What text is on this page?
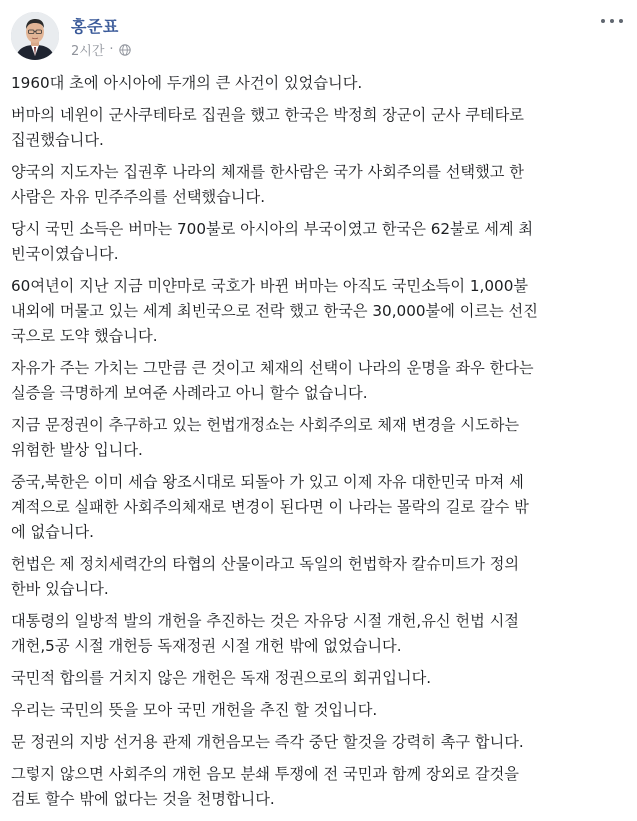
홍준표
2시간 ·

1960대 초에 아시아에 두개의 큰 사건이 있었습니다.

버마의 네윈이 군사쿠테타로 집권을 했고 한국은 박정희 장군이 군사 쿠테타로
집권했습니다.

양국의 지도자는 집권후 나라의 체재를 한사람은 국가 사회주의를 선택했고 한
사람은 자유 민주주의를 선택했습니다.

당시 국민 소득은 버마는 700불로 아시아의 부국이였고 한국은 62불로 세계 최
빈국이였습니다.

60여년이 지난 지금 미얀마로 국호가 바뀐 버마는 아직도 국민소득이 1,000불
내외에 머물고 있는 세계 최빈국으로 전락 했고 한국은 30,000불에 이르는 선진
국으로 도약 했습니다.

자유가 주는 가치는 그만큼 큰 것이고 체재의 선택이 나라의 운명을 좌우 한다는
실증을 극명하게 보여준 사례라고 아니 할수 없습니다.

지금 문정권이 추구하고 있는 헌법개정쇼는 사회주의로 체재 변경을 시도하는
위험한 발상 입니다.

중국,북한은 이미 세습 왕조시대로 되돌아 가 있고 이제 자유 대한민국 마져 세
계적으로 실패한 사회주의체재로 변경이 된다면 이 나라는 몰락의 길로 갈수 밖
에 없습니다.

헌법은 제 정치세력간의 타협의 산물이라고 독일의 헌법학자 칼슈미트가 정의
한바 있습니다.

대통령의 일방적 발의 개헌을 추진하는 것은 자유당 시절 개헌,유신 헌법 시절
개헌,5공 시절 개헌등 독재정권 시절 개헌 밖에 없었습니다.

국민적 합의를 거치지 않은 개헌은 독재 정권으로의 회귀입니다.

우리는 국민의 뜻을 모아 국민 개헌을 추진 할 것입니다.

문 정권의 지방 선거용 관제 개헌음모는 즉각 중단 할것을 강력히 촉구 합니다.

그렇지 않으면 사회주의 개헌 음모 분쇄 투쟁에 전 국민과 함께 장외로 갈것을
검토 할수 밖에 없다는 것을 천명합니다.
